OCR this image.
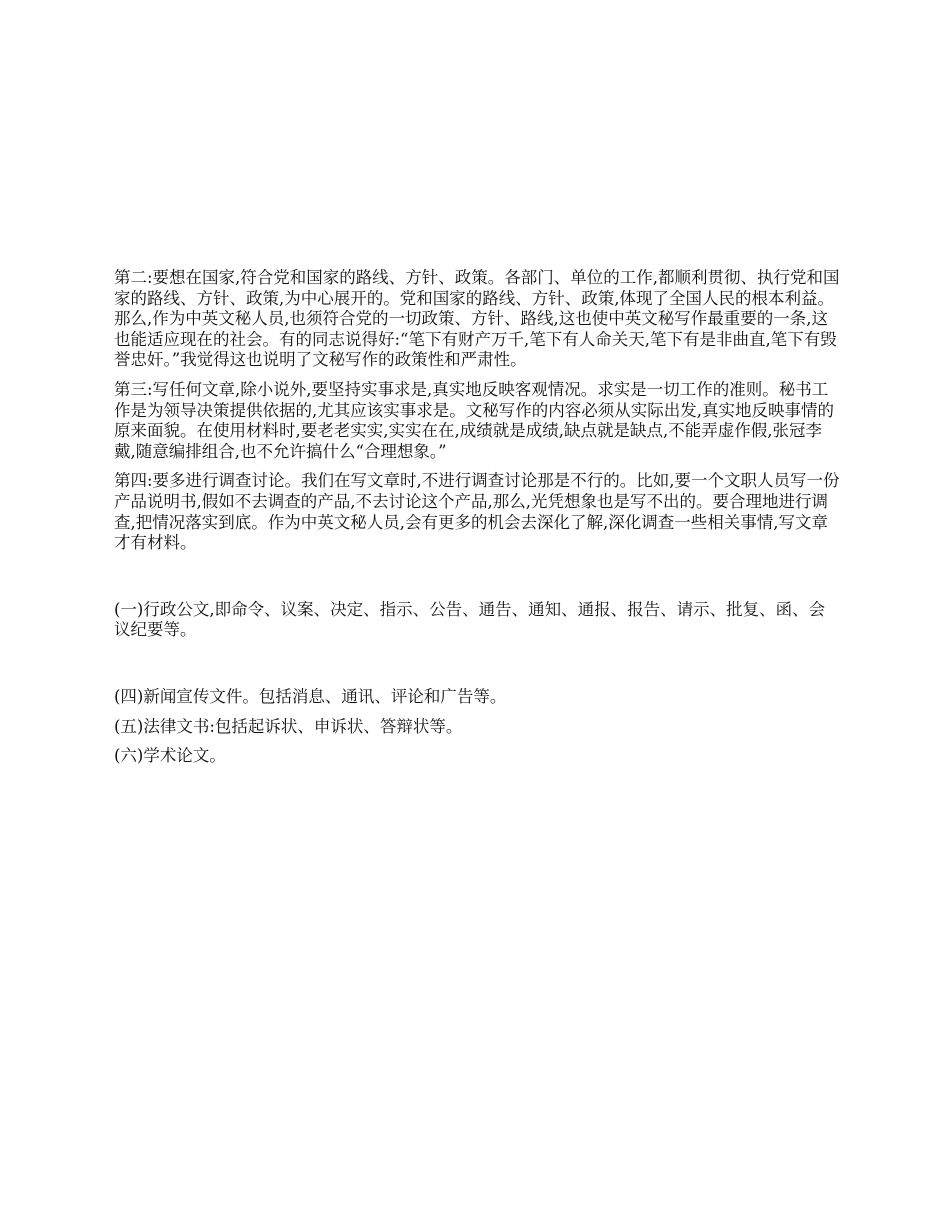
第二:要想在国家,符合党和国家的路线、方针、政策。各部门、单位的工作,都顺利贯彻、执行党和国家的路线、方针、政策,为中心展开的。党和国家的路线、方针、政策,体现了全国人民的根本利益。那么,作为中英文秘人员,也须符合党的一切政策、方针、路线,这也使中英文秘写作最重要的一条,这也能适应现在的社会。有的同志说得好:“笔下有财产万千,笔下有人命关天,笔下有是非曲直,笔下有毁誉忠奸。”我觉得这也说明了文秘写作的政策性和严肃性。

第三:写任何文章,除小说外,要坚持实事求是,真实地反映客观情况。求实是一切工作的准则。秘书工作是为领导决策提供依据的,尤其应该实事求是。文秘写作的内容必须从实际出发,真实地反映事情的原来面貌。在使用材料时,要老老实实,实实在在,成绩就是成绩,缺点就是缺点,不能弄虚作假,张冠李戴,随意编排组合,也不允许搞什么“合理想象。”

第四:要多进行调查讨论。我们在写文章时,不进行调查讨论那是不行的。比如,要一个文职人员写一份产品说明书,假如不去调查的产品,不去讨论这个产品,那么,光凭想象也是写不出的。要合理地进行调查,把情况落实到底。作为中英文秘人员,会有更多的机会去深化了解,深化调查一些相关事情,写文章才有材料。

(一)行政公文,即命令、议案、决定、指示、公告、通告、通知、通报、报告、请示、批复、函、会议纪要等。

(四)新闻宣传文件。包括消息、通讯、评论和广告等。

(五)法律文书:包括起诉状、申诉状、答辩状等。

(六)学术论文。
